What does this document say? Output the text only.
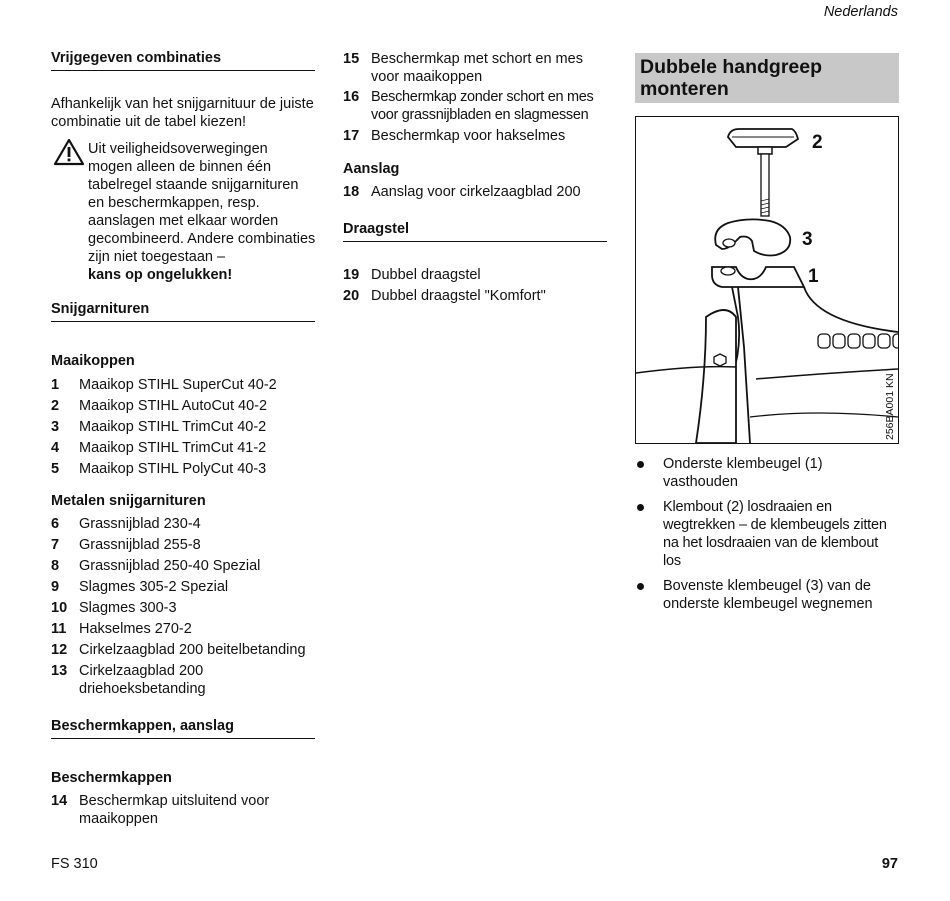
Nederlands
Vrijgegeven combinaties
Afhankelijk van het snijgarnituur de juiste combinatie uit de tabel kiezen!
Uit veiligheidsoverwegingen mogen alleen de binnen één tabelregel staande snijgarnituren en beschermkappen, resp. aanslagen met elkaar worden gecombineerd. Andere combinaties zijn niet toegestaan –
kans op ongelukken!
Snijgarnituren
Maaikoppen
1 Maaikop STIHL SuperCut 40-2
2 Maaikop STIHL AutoCut 40-2
3 Maaikop STIHL TrimCut 40-2
4 Maaikop STIHL TrimCut 41-2
5 Maaikop STIHL PolyCut 40-3
Metalen snijgarnituren
6 Grassnijblad 230-4
7 Grassnijblad 255-8
8 Grassnijblad 250-40 Spezial
9 Slagmes 305-2 Spezial
10 Slagmes 300-3
11 Hakselmes 270-2
12 Cirkelzaagblad 200 beitelbetanding
13 Cirkelzaagblad 200 driehoeksbetanding
Beschermkappen, aanslag
Beschermkappen
14 Beschermkap uitsluitend voor maaikoppen
15 Beschermkap met schort en mes voor maaikoppen
16 Beschermkap zonder schort en mes voor grassnijbladen en slagmessen
17 Beschermkap voor hakselmes
Aanslag
18 Aanslag voor cirkelzaagblad 200
Draagstel
19 Dubbel draagstel
20 Dubbel draagstel "Komfort"
Dubbele handgreep monteren
2
3
1
256BA001 KN
Onderste klembeugel (1) vasthouden
Klembout (2) losdraaien en wegtrekken – de klembeugels zitten na het losdraaien van de klembout los
Bovenste klembeugel (3) van de onderste klembeugel wegnemen
FS 310	97
